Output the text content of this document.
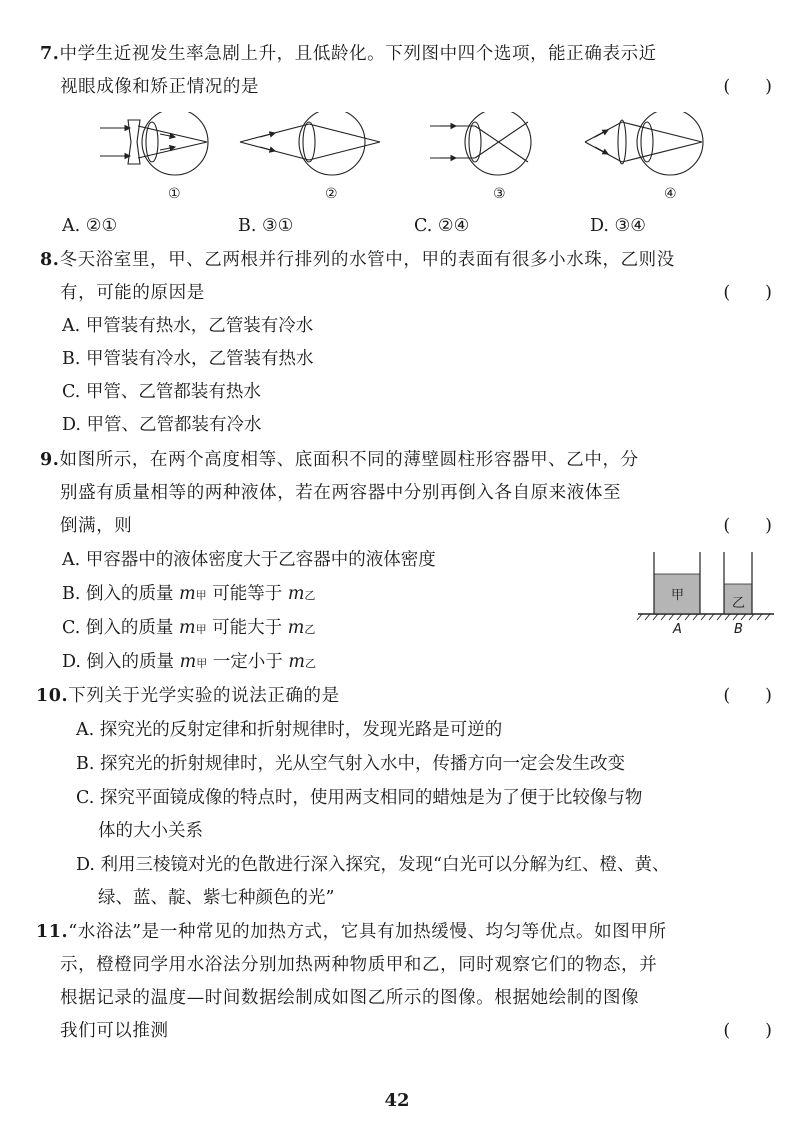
7.中学生近视发生率急剧上升，且低龄化。下列图中四个选项，能正确表示近
视眼成像和矫正情况的是	(　　)
①	②	③	④
A. ②①	B. ③①	C. ②④	D. ③④
8.冬天浴室里，甲、乙两根并行排列的水管中，甲的表面有很多小水珠，乙则没
有，可能的原因是	(　　)
A. 甲管装有热水，乙管装有冷水
B. 甲管装有冷水，乙管装有热水
C. 甲管、乙管都装有热水
D. 甲管、乙管都装有冷水
9.如图所示，在两个高度相等、底面积不同的薄壁圆柱形容器甲、乙中，分
别盛有质量相等的两种液体，若在两容器中分别再倒入各自原来液体至
倒满，则	(　　)
A. 甲容器中的液体密度大于乙容器中的液体密度
B. 倒入的质量 m甲 可能等于 m乙
C. 倒入的质量 m甲 可能大于 m乙
D. 倒入的质量 m甲 一定小于 m乙
甲
乙
A	B
10.下列关于光学实验的说法正确的是	(　　)
A. 探究光的反射定律和折射规律时，发现光路是可逆的
B. 探究光的折射规律时，光从空气射入水中，传播方向一定会发生改变
C. 探究平面镜成像的特点时，使用两支相同的蜡烛是为了便于比较像与物
体的大小关系
D. 利用三棱镜对光的色散进行深入探究，发现“白光可以分解为红、橙、黄、
绿、蓝、靛、紫七种颜色的光”
11.“水浴法”是一种常见的加热方式，它具有加热缓慢、均匀等优点。如图甲所
示，橙橙同学用水浴法分别加热两种物质甲和乙，同时观察它们的物态，并
根据记录的温度—时间数据绘制成如图乙所示的图像。根据她绘制的图像
我们可以推测	(　　)
42
